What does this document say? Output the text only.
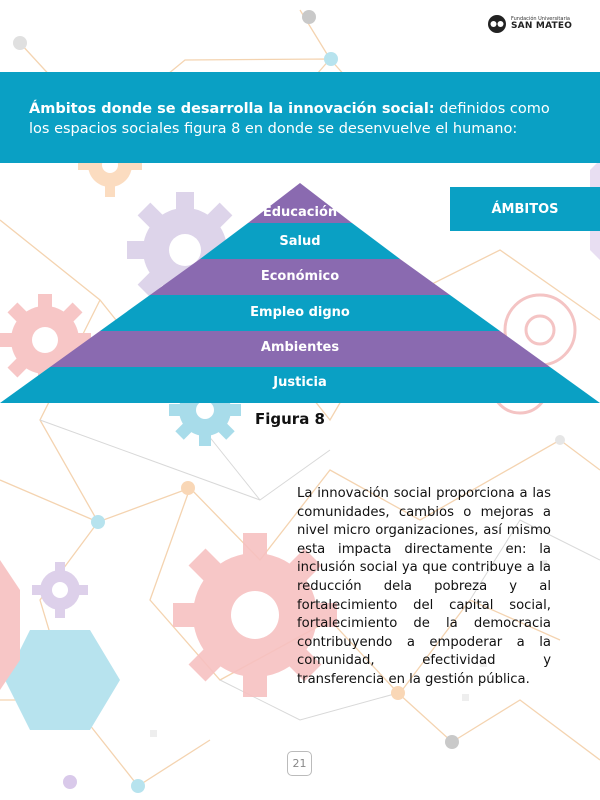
Fundación Universitaria
SAN MATEO

Ámbitos donde se desarrolla la innovación social: definidos como los espacios sociales figura 8 en donde se desenvuelve el humano:

Educación
Salud
Económico
Empleo digno
Ambientes
Justicia
ÁMBITOS
Figura 8

La innovación social proporciona a las comunidades, cambios o mejoras a nivel micro organizaciones, así mismo esta impacta directamente en: la inclusión social ya que contribuye a la reducción dela pobreza y al fortalecimiento del capital social, fortalecimiento de la democracia contribuyendo a empoderar a la comunidad, efectividad y transferencia en la gestión pública.

21
